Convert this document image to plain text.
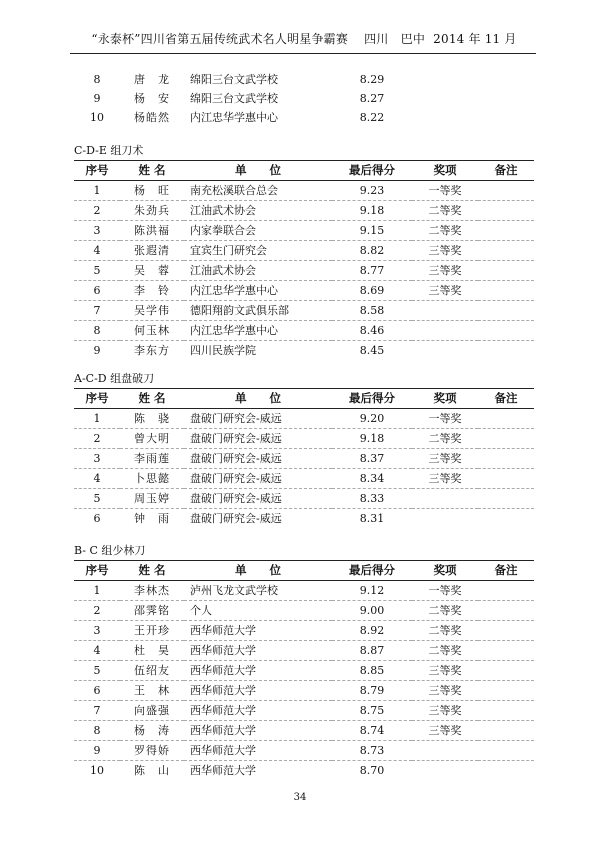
“永泰杯”四川省第五届传统武术名人明星争霸赛 四川　巴中 2014 年 11 月
8	唐　龙	绵阳三台文武学校	8.29		
9	杨　安	绵阳三台文武学校	8.27		
10	杨皓然	内江忠华学惠中心	8.22		
C-D-E 组刀术
序号	姓 名	单　　位	最后得分	奖项	备注
1	杨　旺	南充松溪联合总会	9.23	一等奖	
2	朱劲兵	江油武术协会	9.18	二等奖	
3	陈洪福	内家拳联合会	9.15	二等奖	
4	张遐清	宜宾生门研究会	8.82	三等奖	
5	吴　蓉	江油武术协会	8.77	三等奖	
6	李　铃	内江忠华学惠中心	8.69	三等奖	
7	吴学伟	德阳翔韵文武俱乐部	8.58		
8	何玉林	内江忠华学惠中心	8.46		
9	李东方	四川民族学院	8.45		
A-C-D 组盘破刀
序号	姓 名	单　　位	最后得分	奖项	备注
1	陈　骁	盘破门研究会-威远	9.20	一等奖	
2	曾大明	盘破门研究会-威远	9.18	二等奖	
3	李雨莲	盘破门研究会-威远	8.37	三等奖	
4	卜思懿	盘破门研究会-威远	8.34	三等奖	
5	周玉婷	盘破门研究会-威远	8.33		
6	钟　雨	盘破门研究会-威远	8.31		
B- C 组少林刀
序号	姓 名	单　　位	最后得分	奖项	备注
1	李林杰	泸州飞龙文武学校	9.12	一等奖	
2	邵霁铭	个人	9.00	二等奖	
3	王开珍	西华师范大学	8.92	二等奖	
4	杜　昊	西华师范大学	8.87	二等奖	
5	伍绍友	西华师范大学	8.85	三等奖	
6	王　林	西华师范大学	8.79	三等奖	
7	向盛强	西华师范大学	8.75	三等奖	
8	杨　涛	西华师范大学	8.74	三等奖	
9	罗得娇	西华师范大学	8.73		
10	陈　山	西华师范大学	8.70		
34
